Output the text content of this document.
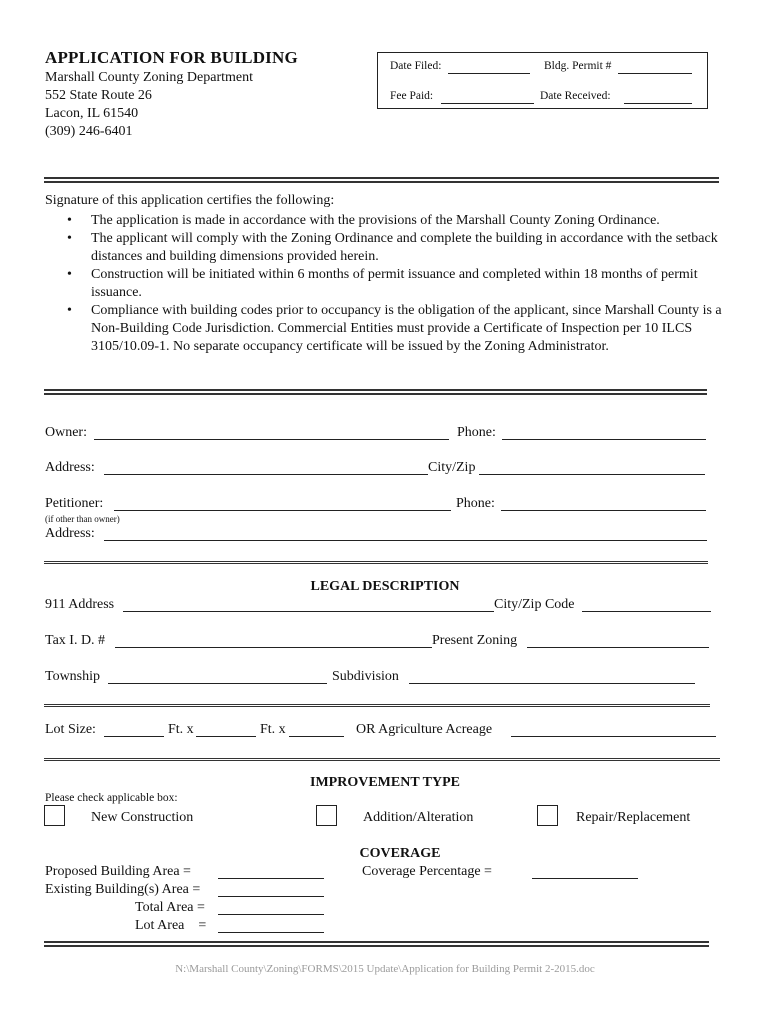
APPLICATION FOR BUILDING
Marshall County Zoning Department
552 State Route 26
Lacon, IL 61540
(309) 246-6401
Date Filed:	Bldg. Permit #
Fee Paid:	Date Received:
Signature of this application certifies the following:
• The application is made in accordance with the provisions of the Marshall County Zoning Ordinance.
• The applicant will comply with the Zoning Ordinance and complete the building in accordance with the setback distances and building dimensions provided herein.
• Construction will be initiated within 6 months of permit issuance and completed within 18 months of permit issuance.
• Compliance with building codes prior to occupancy is the obligation of the applicant, since Marshall County is a Non-Building Code Jurisdiction. Commercial Entities must provide a Certificate of Inspection per 10 ILCS 3105/10.09-1. No separate occupancy certificate will be issued by the Zoning Administrator.
Owner:	Phone:
Address:	City/Zip
Petitioner:	Phone:
(if other than owner)
Address:
LEGAL DESCRIPTION
911 Address	City/Zip Code
Tax I. D. #	Present Zoning
Township	Subdivision
Lot Size:	Ft. x	Ft. x	OR Agriculture Acreage
IMPROVEMENT TYPE
Please check applicable box:
New Construction	Addition/Alteration	Repair/Replacement
COVERAGE
Proposed Building Area =	Coverage Percentage =
Existing Building(s) Area =
Total Area =
Lot Area    =
N:\Marshall County\Zoning\FORMS\2015 Update\Application for Building Permit 2-2015.doc
